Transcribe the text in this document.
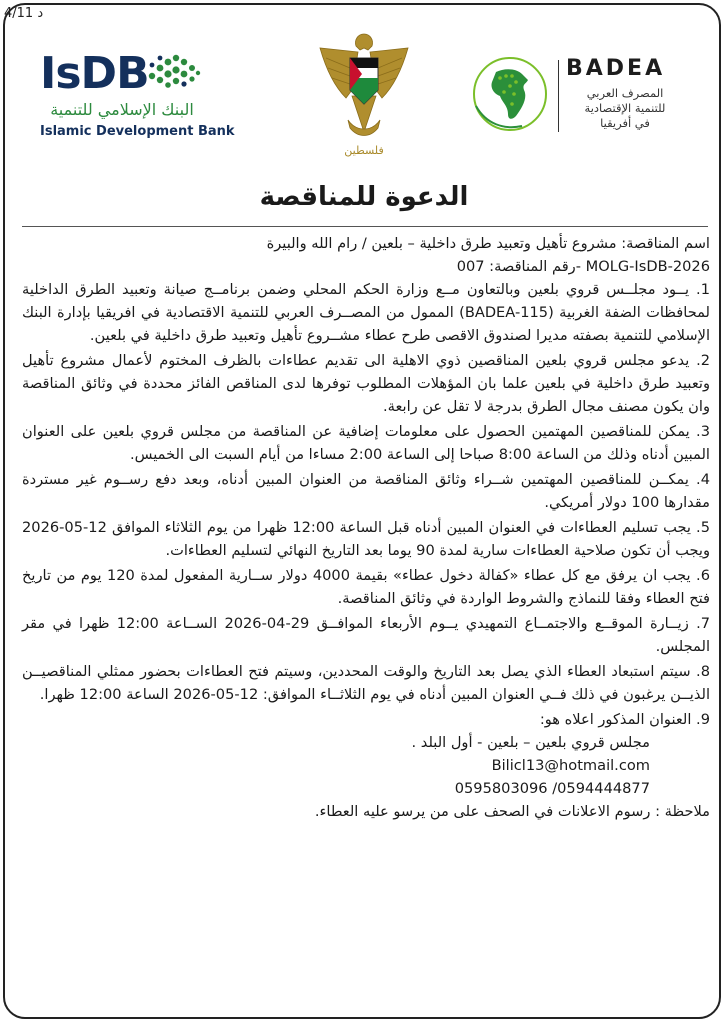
4/11 د
IsDB
البنك الإسلامي للتنمية
Islamic Development Bank
فلسطين
BADEA
المصرف العربي
للتنمية الإقتصادية
في أفريقيا
الدعوة للمناقصة

اسم المناقصة: مشروع تأهيل وتعبيد طرق داخلية – بلعين / رام الله والبيرة

رقم المناقصة: 007- MOLG-IsDB-2026

1. يــود مجلــس قروي بلعين وبالتعاون مــع وزارة الحكم المحلي وضمن برنامــج صيانة وتعبيد الطرق الداخلية لمحافظات الضفة الغربية (BADEA-115) الممول من المصــرف العربي للتنمية الاقتصادية في افريقيا بإدارة البنك الإسلامي للتنمية بصفته مديرا لصندوق الاقصى طرح عطاء مشــروع تأهيل وتعبيد طرق داخلية في بلعين.

2. يدعو مجلس قروي بلعين المناقصين ذوي الاهلية الى تقديم عطاءات بالظرف المختوم لأعمال مشروع تأهيل وتعبيد طرق داخلية في بلعين علما بان المؤهلات المطلوب توفرها لدى المناقص الفائز محددة في وثائق المناقصة وان يكون مصنف مجال الطرق بدرجة لا تقل عن رابعة.

3. يمكن للمناقصين المهتمين الحصول على معلومات إضافية عن المناقصة من مجلس قروي بلعين على العنوان المبين أدناه وذلك من الساعة 8:00 صباحا إلى الساعة 2:00 مساءا من أيام السبت الى الخميس.

4. يمكــن للمناقصين المهتمين شــراء وثائق المناقصة من العنوان المبين أدناه، وبعد دفع رســوم غير مستردة مقدارها 100 دولار أمريكي.

5. يجب تسليم العطاءات في العنوان المبين أدناه قبل الساعة 12:00 ظهرا من يوم الثلاثاء الموافق 12-05-2026 ويجب أن تكون صلاحية العطاءات سارية لمدة 90 يوما بعد التاريخ النهائي لتسليم العطاءات.

6. يجب ان يرفق مع كل عطاء «كفالة دخول عطاء» بقيمة 4000 دولار ســارية المفعول لمدة 120 يوم من تاريخ فتح العطاء وفقا للنماذج والشروط الواردة في وثائق المناقصة.

7. زيــارة الموقــع والاجتمــاع التمهيدي يــوم الأربعاء الموافــق 29-04-2026 الســاعة 12:00 ظهرا في مقر المجلس.

8. سيتم استبعاد العطاء الذي يصل بعد التاريخ والوقت المحددين، وسيتم فتح العطاءات بحضور ممثلي المناقصيــن الذيــن يرغبون في ذلك فــي العنوان المبين أدناه في يوم الثلاثــاء الموافق: 12-05-2026 الساعة 12:00 ظهرا.

9. العنوان المذكور اعلاه هو:

مجلس قروي بلعين – بلعين - أول البلد .

Bilicl13@hotmail.com

0595803096 /0594444877

ملاحظة : رسوم الاعلانات في الصحف على من يرسو عليه العطاء.
